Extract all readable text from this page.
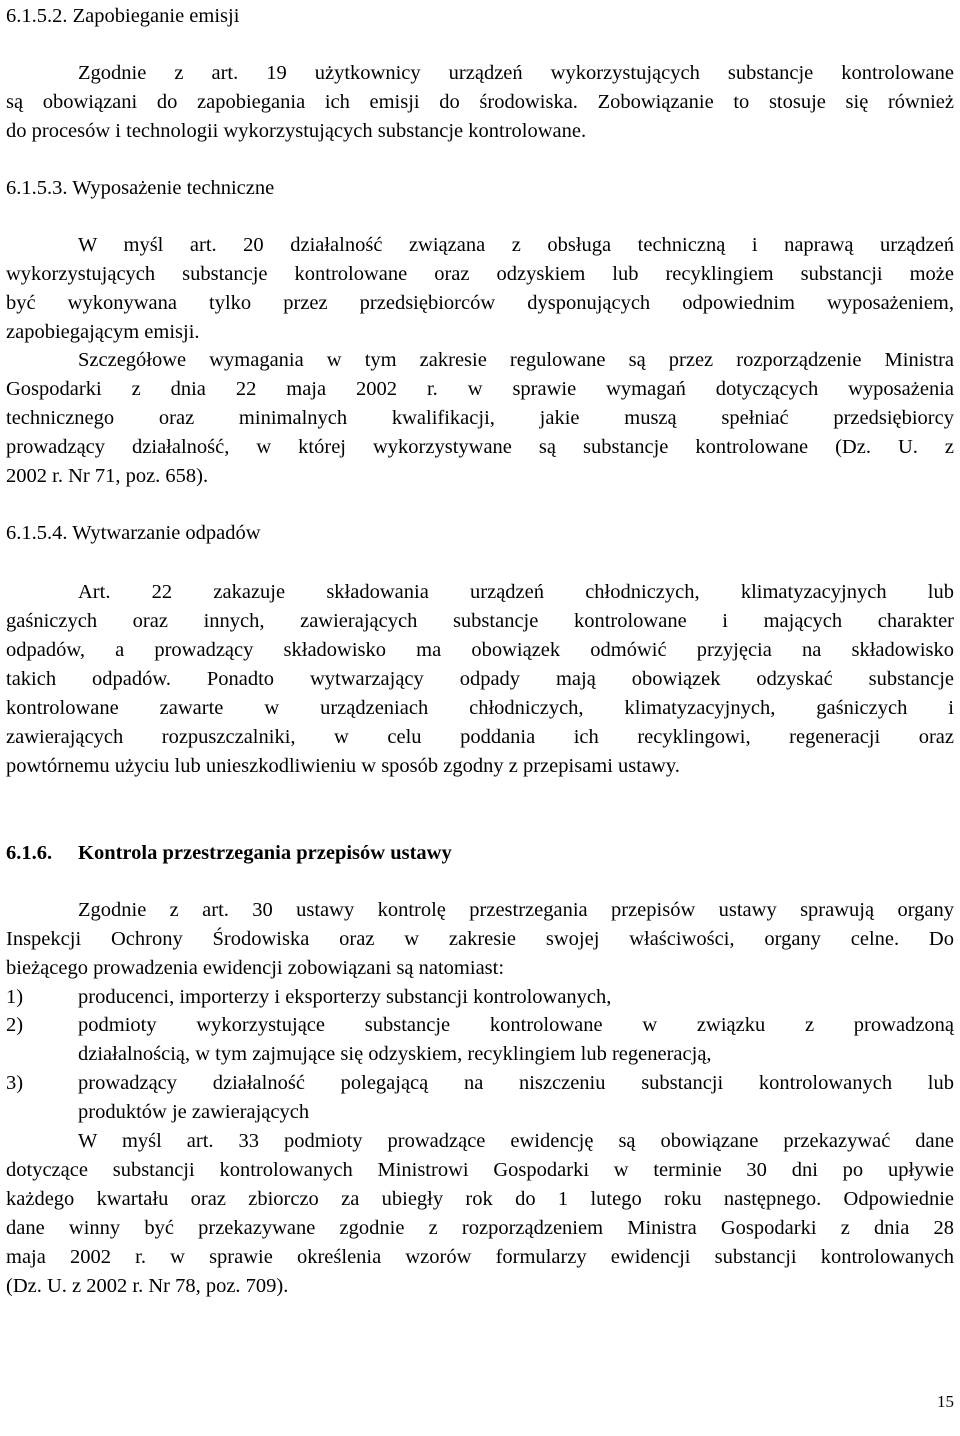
6.1.5.2. Zapobieganie emisji
Zgodnie z art. 19 użytkownicy urządzeń wykorzystujących substancje kontrolowane
są obowiązani do zapobiegania ich emisji do środowiska. Zobowiązanie to stosuje się również
do procesów i technologii wykorzystujących substancje kontrolowane.
6.1.5.3. Wyposażenie techniczne
W myśl art. 20 działalność związana z obsługa techniczną i naprawą urządzeń
wykorzystujących substancje kontrolowane oraz odzyskiem lub recyklingiem substancji może
być wykonywana tylko przez przedsiębiorców dysponujących odpowiednim wyposażeniem,
zapobiegającym emisji.
Szczegółowe wymagania w tym zakresie regulowane są przez rozporządzenie Ministra
Gospodarki z dnia 22 maja 2002 r. w sprawie wymagań dotyczących wyposażenia
technicznego oraz minimalnych kwalifikacji, jakie muszą spełniać przedsiębiorcy
prowadzący działalność, w której wykorzystywane są substancje kontrolowane (Dz. U. z
2002 r. Nr 71, poz. 658).
6.1.5.4. Wytwarzanie odpadów
Art. 22 zakazuje składowania urządzeń chłodniczych, klimatyzacyjnych lub
gaśniczych oraz innych, zawierających substancje kontrolowane i mających charakter
odpadów, a prowadzący składowisko ma obowiązek odmówić przyjęcia na składowisko
takich odpadów. Ponadto wytwarzający odpady mają obowiązek odzyskać substancje
kontrolowane zawarte w urządzeniach chłodniczych, klimatyzacyjnych, gaśniczych i
zawierających rozpuszczalniki, w celu poddania ich recyklingowi, regeneracji oraz
powtórnemu użyciu lub unieszkodliwieniu w sposób zgodny z przepisami ustawy.
6.1.6.	Kontrola przestrzegania przepisów ustawy
Zgodnie z art. 30 ustawy kontrolę przestrzegania przepisów ustawy sprawują organy
Inspekcji Ochrony Środowiska oraz w zakresie swojej właściwości, organy celne. Do
bieżącego prowadzenia ewidencji zobowiązani są natomiast:
1)	producenci, importerzy i eksporterzy substancji kontrolowanych,
2)	podmioty wykorzystujące substancje kontrolowane w związku z prowadzoną
działalnością, w tym zajmujące się odzyskiem, recyklingiem lub regeneracją,
3)	prowadzący działalność polegającą na niszczeniu substancji kontrolowanych lub
produktów je zawierających
W myśl art. 33 podmioty prowadzące ewidencję są obowiązane przekazywać dane
dotyczące substancji kontrolowanych Ministrowi Gospodarki w terminie 30 dni po upływie
każdego kwartału oraz zbiorczo za ubiegły rok do 1 lutego roku następnego. Odpowiednie
dane winny być przekazywane zgodnie z rozporządzeniem Ministra Gospodarki z dnia 28
maja 2002 r. w sprawie określenia wzorów formularzy ewidencji substancji kontrolowanych
(Dz. U. z 2002 r. Nr 78, poz. 709).
15
